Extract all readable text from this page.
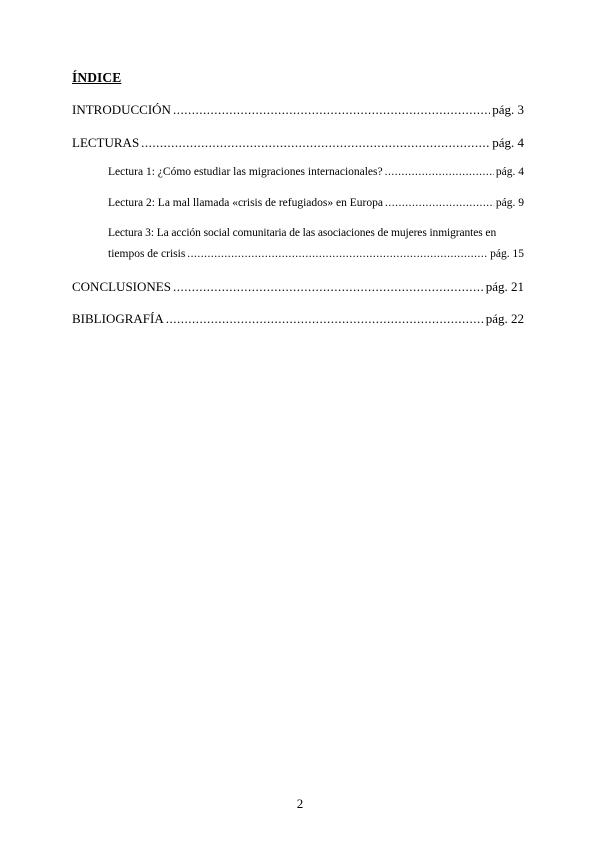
ÍNDICE
INTRODUCCIÓN .....	pág. 3
LECTURAS .....	pág. 4
Lectura 1: ¿Cómo estudiar las migraciones internacionales? .....	pág. 4
Lectura 2: La mal llamada «crisis de refugiados» en Europa .....	pág. 9
Lectura 3: La acción social comunitaria de las asociaciones de mujeres inmigrantes en
tiempos de crisis .....	pág. 15
CONCLUSIONES .....	pág. 21
BIBLIOGRAFÍA .....	pág. 22
2
